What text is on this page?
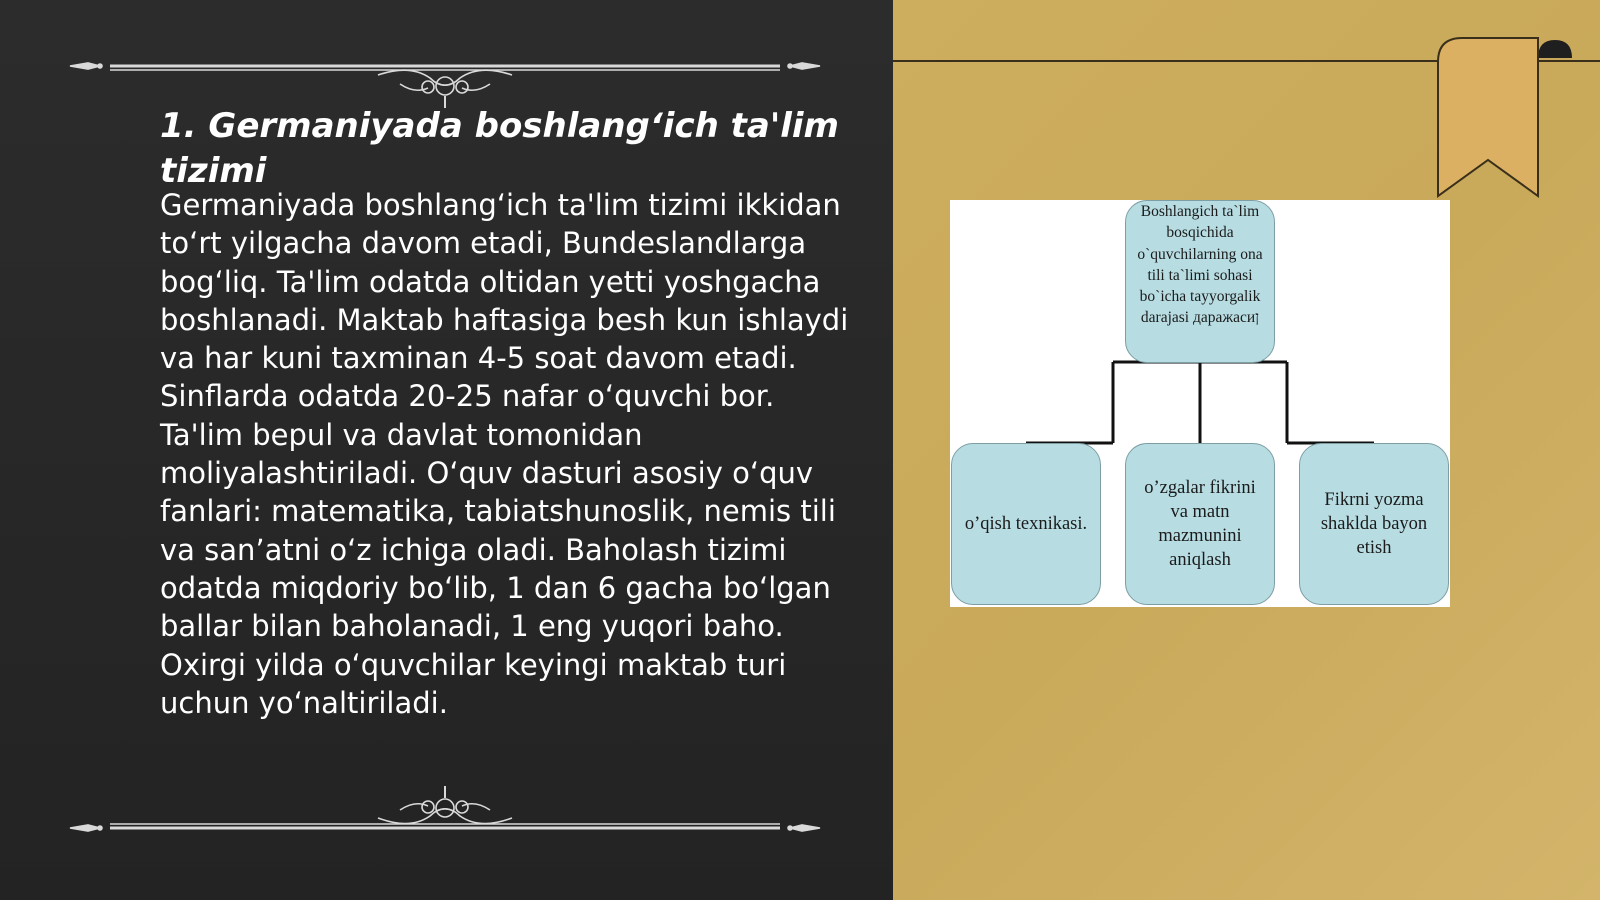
1. Germaniyada boshlang‘ich ta'lim tizimi

Germaniyada boshlang‘ich ta'lim tizimi ikkidan to‘rt yilgacha davom etadi, Bundeslandlarga bog‘liq. Ta'lim odatda oltidan yetti yoshgacha boshlanadi. Maktab haftasiga besh kun ishlaydi va har kuni taxminan 4-5 soat davom etadi. Sinflarda odatda 20-25 nafar o‘quvchi bor. Ta'lim bepul va davlat tomonidan moliyalashtiriladi. O‘quv dasturi asosiy o‘quv fanlari: matematika, tabiatshunoslik, nemis tili va san’atni o‘z ichiga oladi. Baholash tizimi odatda miqdoriy bo‘lib, 1 dan 6 gacha bo‘lgan ballar bilan baholanadi, 1 eng yuqori baho. Oxirgi yilda o‘quvchilar keyingi maktab turi uchun yo‘naltiriladi.

Boshlangich ta`lim bosqichida o`quvchilarning ona tili ta`limi sohasi bo`icha tayyorgalik darajasi даражасиן
o’qish texnikasi.
o’zgalar fikrini va matn mazmunini aniqlash
Fikrni yozma shaklda bayon etish
